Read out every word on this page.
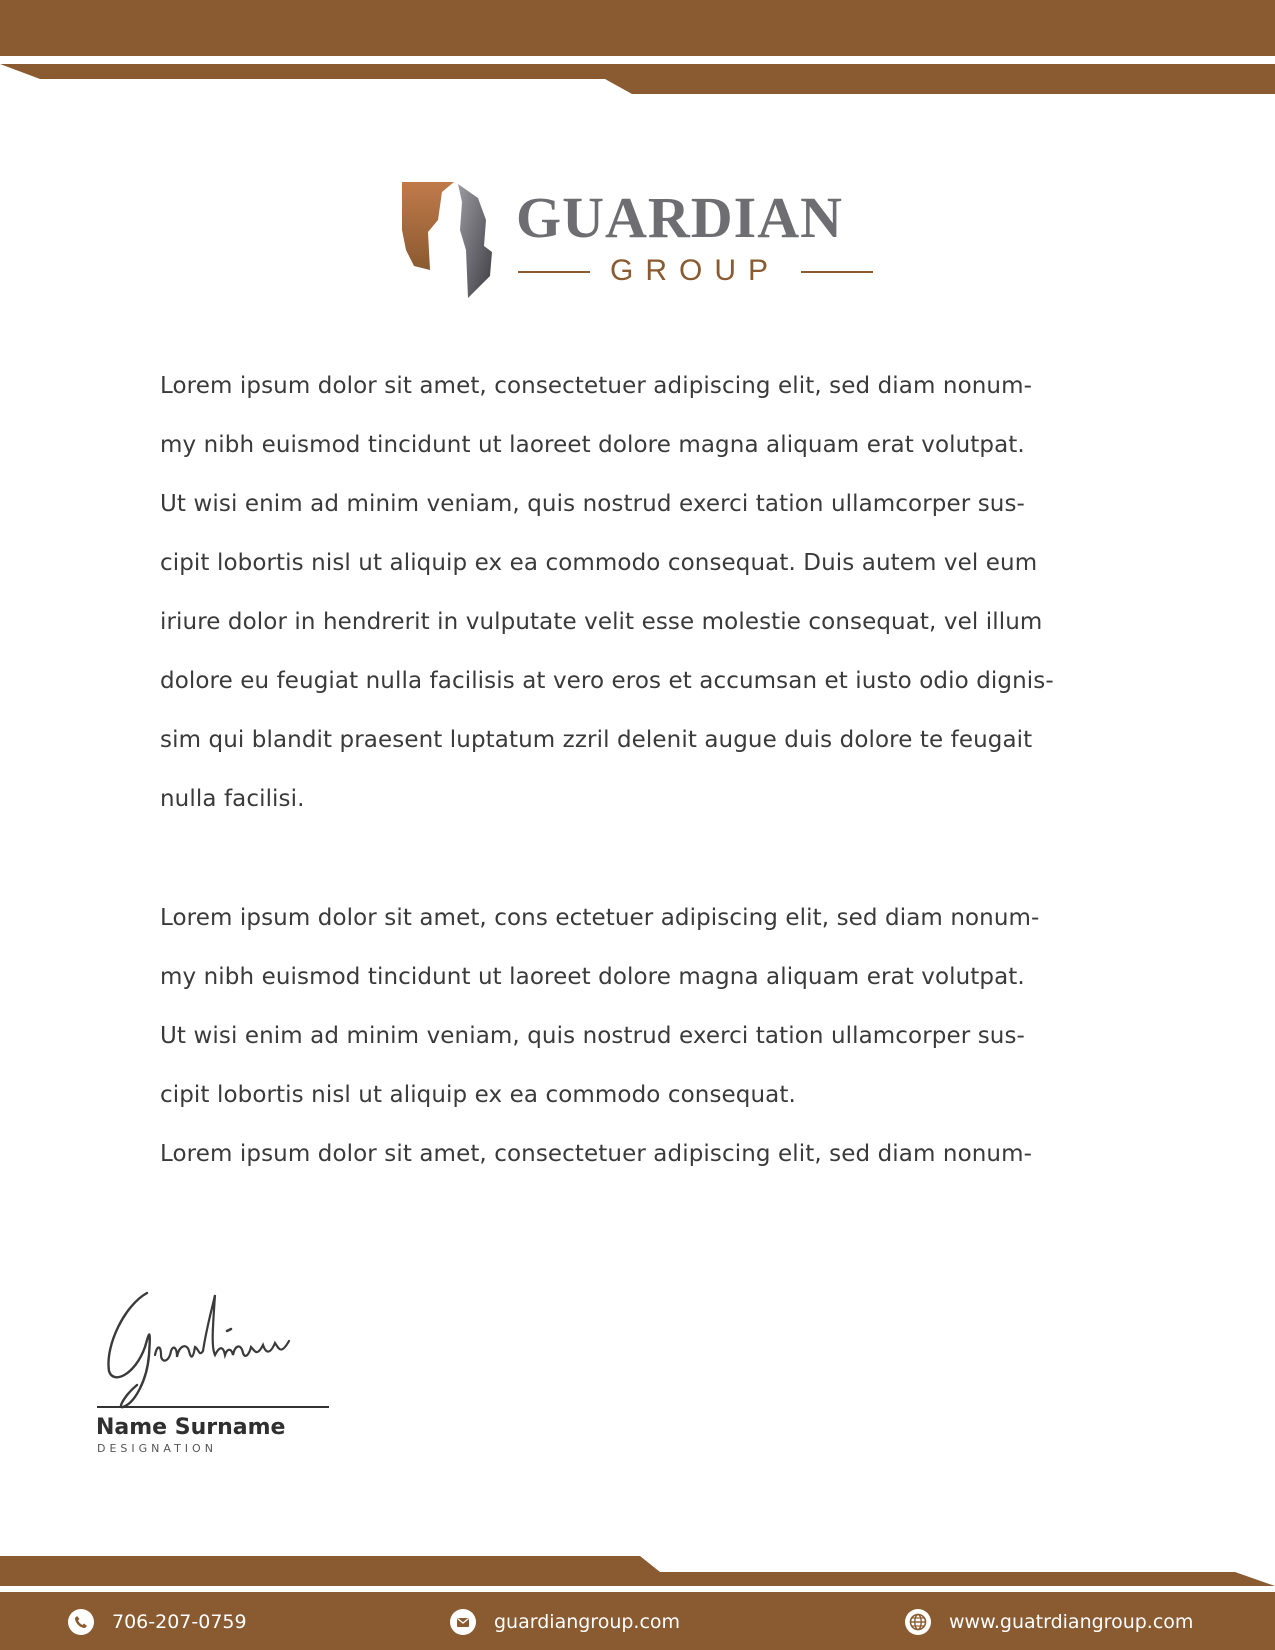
GUARDIAN
GROUP
Lorem ipsum dolor sit amet, consectetuer adipiscing elit, sed diam nonum-
my nibh euismod tincidunt ut laoreet dolore magna aliquam erat volutpat.
Ut wisi enim ad minim veniam, quis nostrud exerci tation ullamcorper sus-
cipit lobortis nisl ut aliquip ex ea commodo consequat. Duis autem vel eum
iriure dolor in hendrerit in vulputate velit esse molestie consequat, vel illum
dolore eu feugiat nulla facilisis at vero eros et accumsan et iusto odio dignis-
sim qui blandit praesent luptatum zzril delenit augue duis dolore te feugait
nulla facilisi.
Lorem ipsum dolor sit amet, cons ectetuer adipiscing elit, sed diam nonum-
my nibh euismod tincidunt ut laoreet dolore magna aliquam erat volutpat.
Ut wisi enim ad minim veniam, quis nostrud exerci tation ullamcorper sus-
cipit lobortis nisl ut aliquip ex ea commodo consequat.
Lorem ipsum dolor sit amet, consectetuer adipiscing elit, sed diam nonum-
Name Surname
DESIGNATION
706-207-0759	guardiangroup.com	www.guatrdiangroup.com
